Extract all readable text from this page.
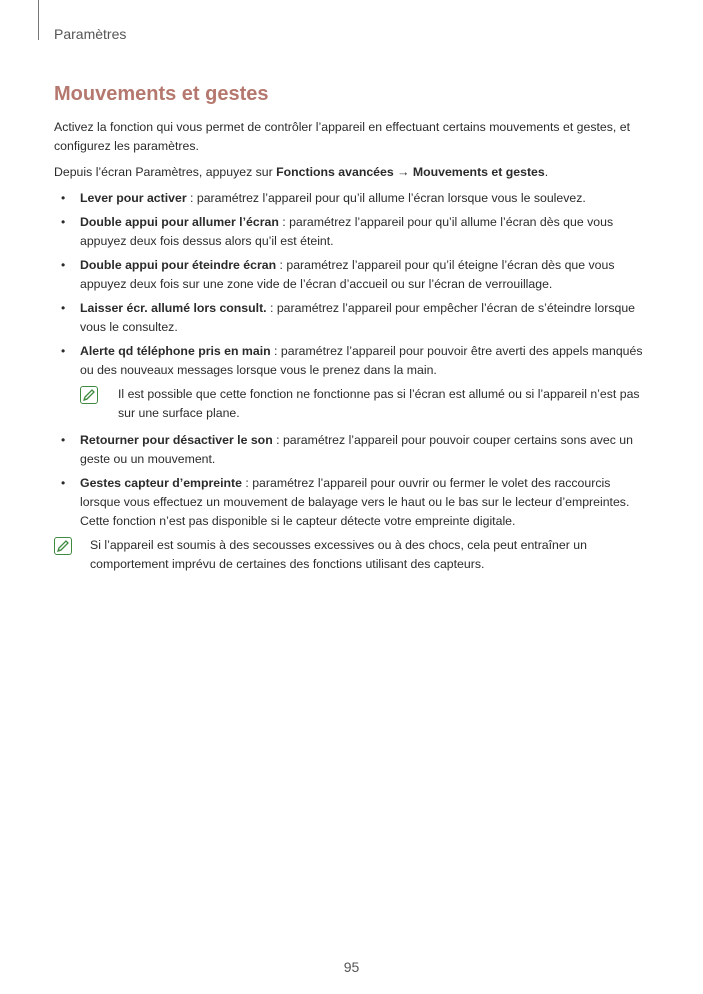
Paramètres
Mouvements et gestes

Activez la fonction qui vous permet de contrôler l’appareil en effectuant certains mouvements et gestes, et configurez les paramètres.

Depuis l’écran Paramètres, appuyez sur Fonctions avancées → Mouvements et gestes.

• Lever pour activer : paramétrez l’appareil pour qu’il allume l’écran lorsque vous le soulevez.
• Double appui pour allumer l’écran : paramétrez l’appareil pour qu’il allume l’écran dès que vous appuyez deux fois dessus alors qu’il est éteint.
• Double appui pour éteindre écran : paramétrez l’appareil pour qu’il éteigne l’écran dès que vous appuyez deux fois sur une zone vide de l’écran d’accueil ou sur l’écran de verrouillage.
• Laisser écr. allumé lors consult. : paramétrez l’appareil pour empêcher l’écran de s’éteindre lorsque vous le consultez.
• Alerte qd téléphone pris en main : paramétrez l’appareil pour pouvoir être averti des appels manqués ou des nouveaux messages lorsque vous le prenez dans la main.
Il est possible que cette fonction ne fonctionne pas si l’écran est allumé ou si l’appareil n’est pas sur une surface plane.
• Retourner pour désactiver le son : paramétrez l’appareil pour pouvoir couper certains sons avec un geste ou un mouvement.
• Gestes capteur d’empreinte : paramétrez l’appareil pour ouvrir ou fermer le volet des raccourcis lorsque vous effectuez un mouvement de balayage vers le haut ou le bas sur le lecteur d’empreintes. Cette fonction n’est pas disponible si le capteur détecte votre empreinte digitale.
Si l’appareil est soumis à des secousses excessives ou à des chocs, cela peut entraîner un comportement imprévu de certaines des fonctions utilisant des capteurs.
95
